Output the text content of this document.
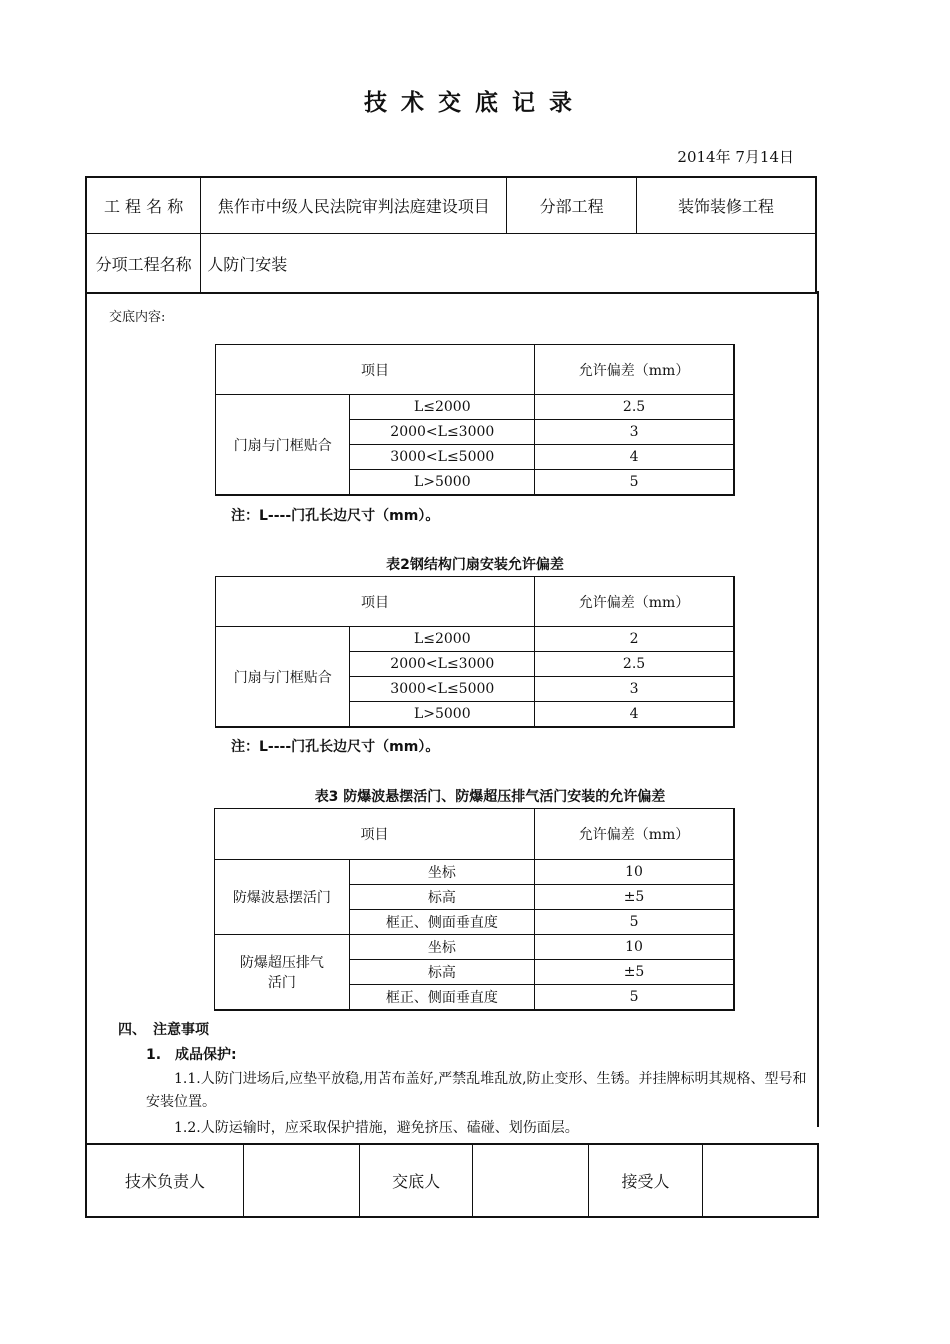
技术交底记录
2014年 7月14日
工 程 名 称	焦作市中级人民法院审判法庭建设项目	分部工程	装饰装修工程
分项工程名称	人防门安装		
技术负责人		交底人		接受人	
交底内容:
项目		允许偏差（mm）
门扇与门框贴合	L≤2000	2.5
	2000<L≤3000	3
	3000<L≤5000	4
	L>5000	5
注：L----门孔长边尺寸（mm）。
表2钢结构门扇安装允许偏差
项目		允许偏差（mm）
门扇与门框贴合	L≤2000	2
	2000<L≤3000	2.5
	3000<L≤5000	3
	L>5000	4
注：L----门孔长边尺寸（mm）。
表3 防爆波悬摆活门、防爆超压排气活门安装的允许偏差
项目		允许偏差（mm）
防爆波悬摆活门	坐标	10
	标高	±5
	框正、侧面垂直度	5
防爆超压排气活门	坐标	10
	标高	±5
	框正、侧面垂直度	5
四、　注意事项
1.　成品保护:
1.1.人防门进场后,应垫平放稳,用苫布盖好,严禁乱堆乱放,防止变形、生锈。并挂牌标明其规格、型号和安装位置。
1.2.人防运输时，应采取保护措施，避免挤压、磕碰、划伤面层。
